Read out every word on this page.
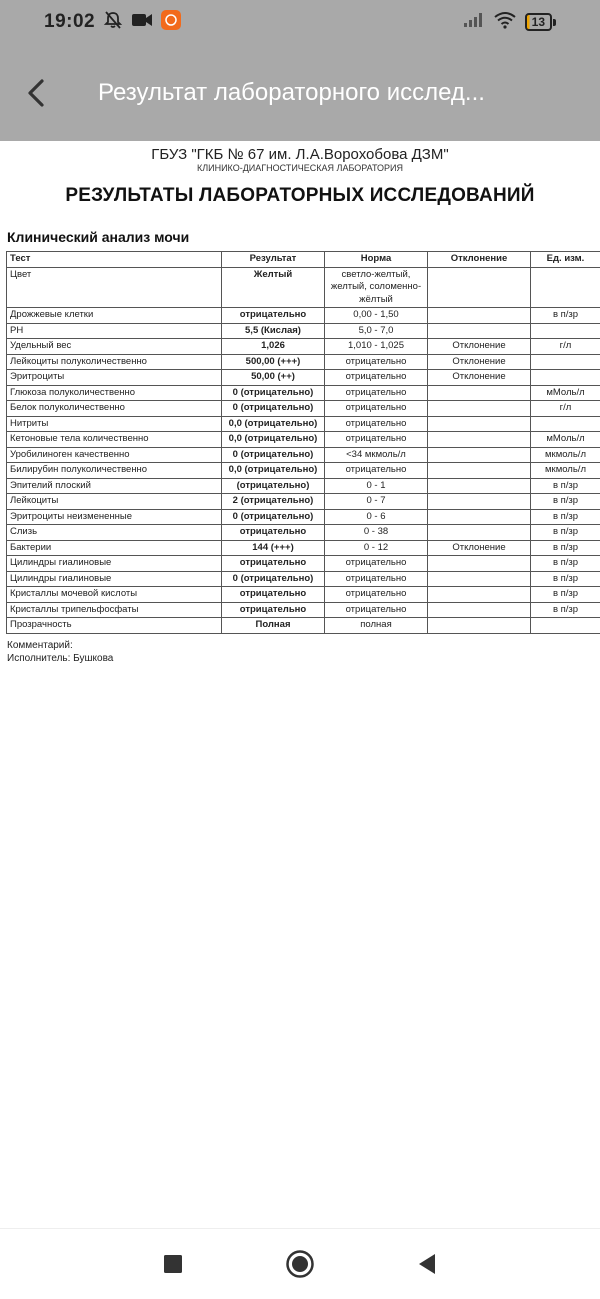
19:02	13
Результат лабораторного исслед...
ГБУЗ "ГКБ № 67 им. Л.А.Ворохобова ДЗМ"
КЛИНИКО-ДИАГНОСТИЧЕСКАЯ ЛАБОРАТОРИЯ
РЕЗУЛЬТАТЫ ЛАБОРАТОРНЫХ ИССЛЕДОВАНИЙ
Клинический анализ мочи
Тест	Результат	Норма	Отклонение	Ед. изм.
Цвет	Желтый	светло-желтый, желтый, соломенно-жёлтый		
Дрожжевые клетки	отрицательно	0,00 - 1,50		в п/зр
PH	5,5 (Кислая)	5,0 - 7,0		
Удельный вес	1,026	1,010 - 1,025	Отклонение	г/л
Лейкоциты полуколичественно	500,00 (+++)	отрицательно	Отклонение	
Эритроциты	50,00 (++)	отрицательно	Отклонение	
Глюкоза полуколичественно	0 (отрицательно)	отрицательно		мМоль/л
Белок полуколичественно	0 (отрицательно)	отрицательно		г/л
Нитриты	0,0 (отрицательно)	отрицательно		
Кетоновые тела количественно	0,0 (отрицательно)	отрицательно		мМоль/л
Уробилиноген качественно	0 (отрицательно)	<34 мкмоль/л		мкмоль/л
Билирубин полуколичественно	0,0 (отрицательно)	отрицательно		мкмоль/л
Эпителий плоский	(отрицательно)	0 - 1		в п/зр
Лейкоциты	2 (отрицательно)	0 - 7		в п/зр
Эритроциты неизмененные	0 (отрицательно)	0 - 6		в п/зр
Слизь	отрицательно	0 - 38		в п/зр
Бактерии	144 (+++)	0 - 12	Отклонение	в п/зр
Цилиндры гиалиновые	отрицательно	отрицательно		в п/зр
Цилиндры гиалиновые	0 (отрицательно)	отрицательно		в п/зр
Кристаллы мочевой кислоты	отрицательно	отрицательно		в п/зр
Кристаллы трипельфосфаты	отрицательно	отрицательно		в п/зр
Прозрачность	Полная	полная		
Комментарий:
Исполнитель: Бушкова
